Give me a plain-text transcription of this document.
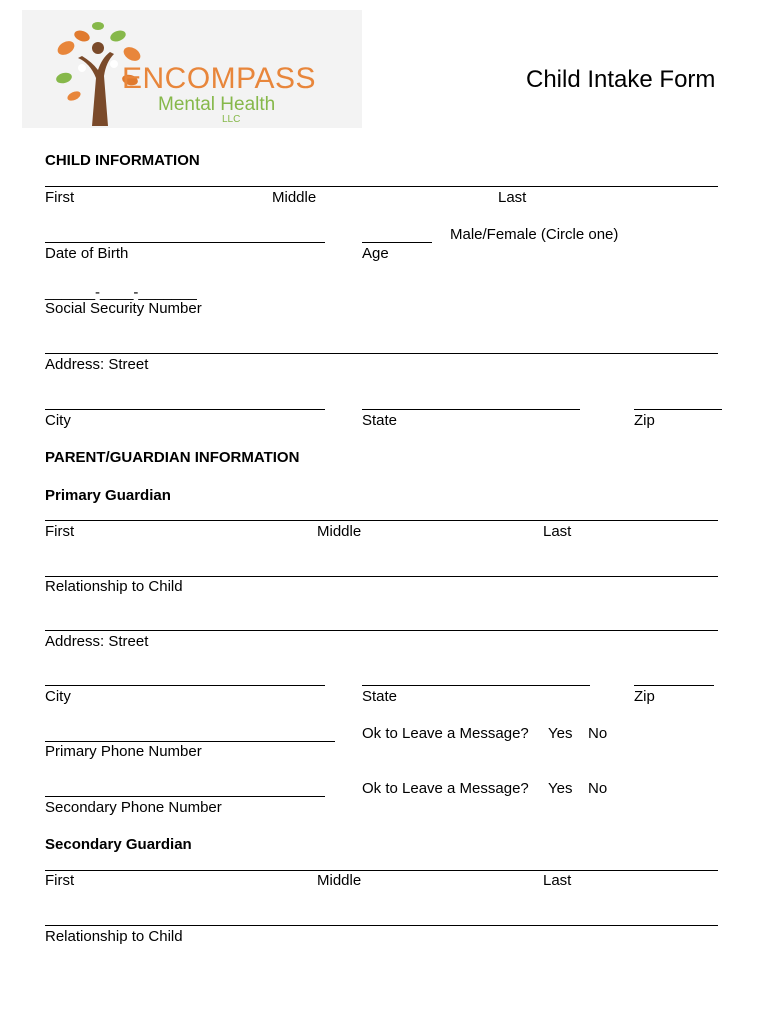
ENCOMPASS
Mental Health
LLC
Child Intake Form
CHILD INFORMATION
First	Middle	Last
Date of Birth	Age
Male/Female (Circle one)
______-____-_______
Social Security Number
Address: Street
City	State	Zip
PARENT/GUARDIAN INFORMATION
Primary Guardian
First	Middle	Last
Relationship to Child
Address: Street
City	State	Zip
Primary Phone Number
Ok to Leave a Message? Yes No
Secondary Phone Number
Ok to Leave a Message? Yes No
Secondary Guardian
First	Middle	Last
Relationship to Child
